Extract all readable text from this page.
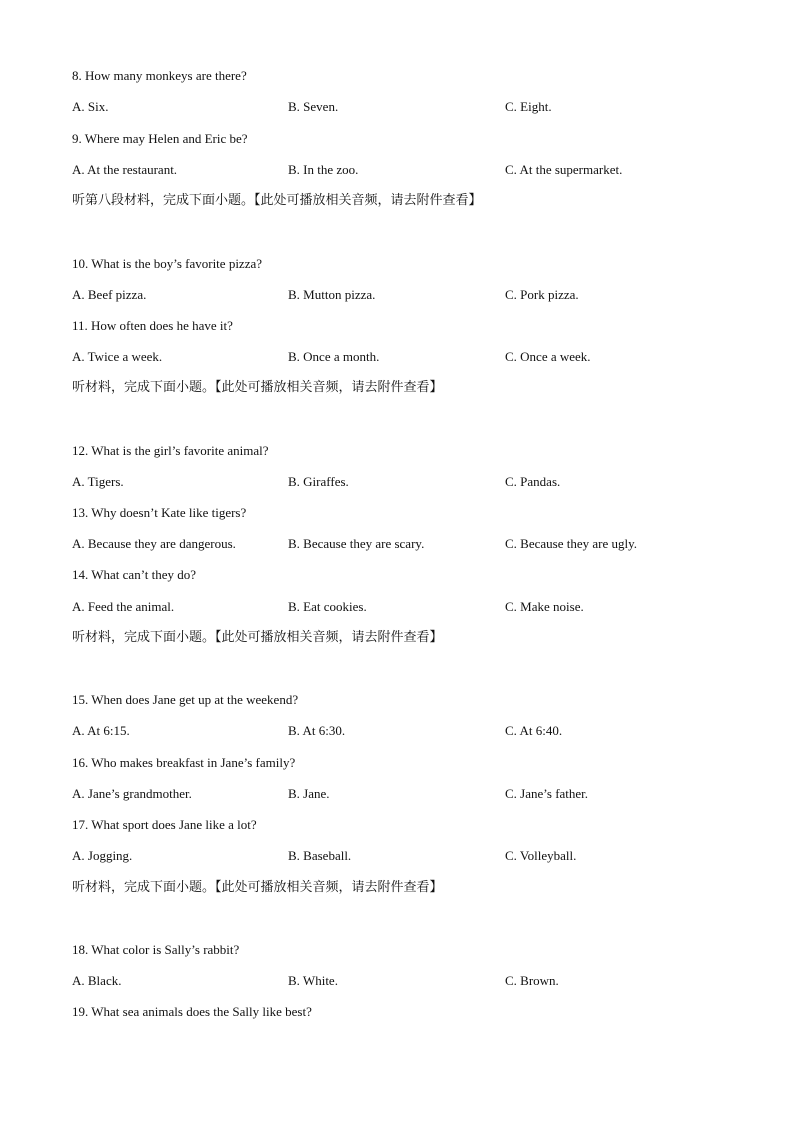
8. How many monkeys are there?
A. Six.	B. Seven.	C. Eight.
9. Where may Helen and Eric be?
A. At the restaurant.	B. In the zoo.	C. At the supermarket.
听第八段材料，完成下面小题。【此处可播放相关音频，请去附件查看】
10. What is the boy’s favorite pizza?
A. Beef pizza.	B. Mutton pizza.	C. Pork pizza.
11. How often does he have it?
A. Twice a week.	B. Once a month.	C. Once a week.
听材料，完成下面小题。【此处可播放相关音频，请去附件查看】
12. What is the girl’s favorite animal?
A. Tigers.	B. Giraffes.	C. Pandas.
13. Why doesn’t Kate like tigers?
A. Because they are dangerous.	B. Because they are scary.	C. Because they are ugly.
14. What can’t they do?
A. Feed the animal.	B. Eat cookies.	C. Make noise.
听材料，完成下面小题。【此处可播放相关音频，请去附件查看】
15. When does Jane get up at the weekend?
A. At 6:15.	B. At 6:30.	C. At 6:40.
16. Who makes breakfast in Jane’s family?
A. Jane’s grandmother.	B. Jane.	C. Jane’s father.
17. What sport does Jane like a lot?
A. Jogging.	B. Baseball.	C. Volleyball.
听材料，完成下面小题。【此处可播放相关音频，请去附件查看】
18. What color is Sally’s rabbit?
A. Black.	B. White.	C. Brown.
19. What sea animals does the Sally like best?
